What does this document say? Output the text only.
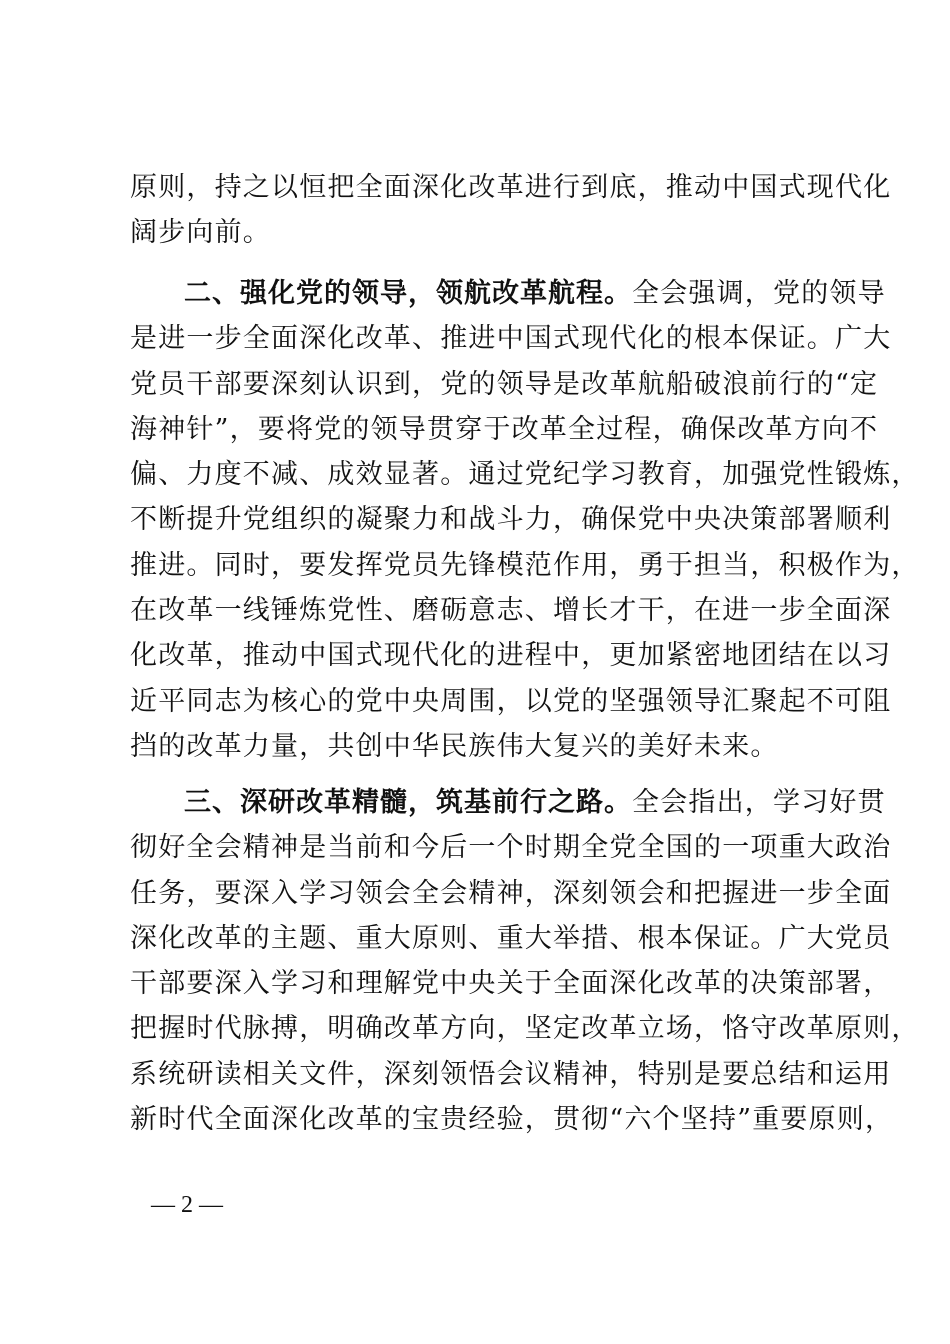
原则，持之以恒把全面深化改革进行到底，推动中国式现代化
阔步向前。
二、强化党的领导，领航改革航程。全会强调，党的领导
是进一步全面深化改革、推进中国式现代化的根本保证。广大
党员干部要深刻认识到，党的领导是改革航船破浪前行的“定
海神针”，要将党的领导贯穿于改革全过程，确保改革方向不
偏、力度不减、成效显著。通过党纪学习教育，加强党性锻炼，
不断提升党组织的凝聚力和战斗力，确保党中央决策部署顺利
推进。同时，要发挥党员先锋模范作用，勇于担当，积极作为，
在改革一线锤炼党性、磨砺意志、增长才干，在进一步全面深
化改革，推动中国式现代化的进程中，更加紧密地团结在以习
近平同志为核心的党中央周围，以党的坚强领导汇聚起不可阻
挡的改革力量，共创中华民族伟大复兴的美好未来。
三、深研改革精髓，筑基前行之路。全会指出，学习好贯
彻好全会精神是当前和今后一个时期全党全国的一项重大政治
任务，要深入学习领会全会精神，深刻领会和把握进一步全面
深化改革的主题、重大原则、重大举措、根本保证。广大党员
干部要深入学习和理解党中央关于全面深化改革的决策部署，
把握时代脉搏，明确改革方向，坚定改革立场，恪守改革原则，
系统研读相关文件，深刻领悟会议精神，特别是要总结和运用
新时代全面深化改革的宝贵经验，贯彻“六个坚持”重要原则，
— 2 —
